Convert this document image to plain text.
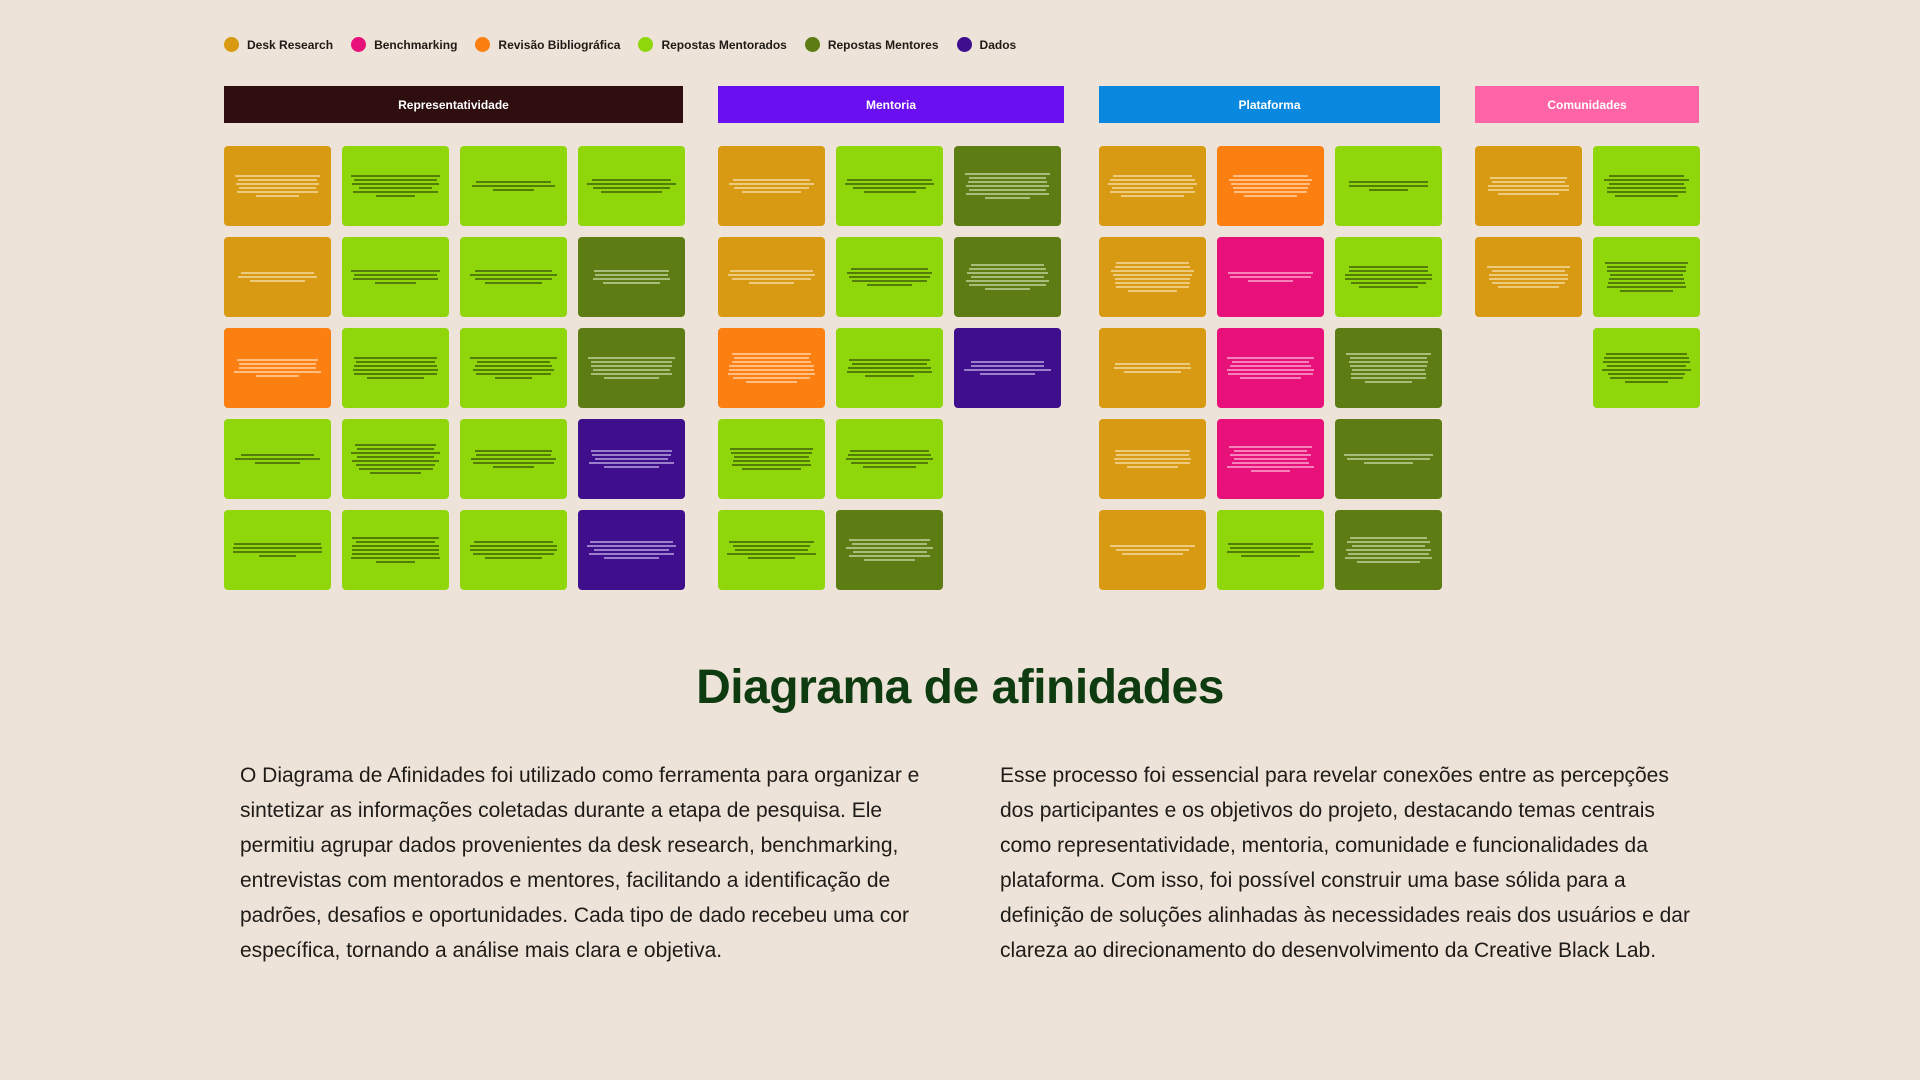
Desk Research	Benchmarking	Revisão Bibliográfica	Repostas Mentorados	Repostas Mentores	Dados
Representatividade	Mentoria	Plataforma	Comunidades
Diagrama de afinidades

O Diagrama de Afinidades foi utilizado como ferramenta para organizar e sintetizar as informações coletadas durante a etapa de pesquisa. Ele permitiu agrupar dados provenientes da desk research, benchmarking, entrevistas com mentorados e mentores, facilitando a identificação de padrões, desafios e oportunidades. Cada tipo de dado recebeu uma cor específica, tornando a análise mais clara e objetiva.

Esse processo foi essencial para revelar conexões entre as percepções dos participantes e os objetivos do projeto, destacando temas centrais como representatividade, mentoria, comunidade e funcionalidades da plataforma. Com isso, foi possível construir uma base sólida para a definição de soluções alinhadas às necessidades reais dos usuários e dar clareza ao direcionamento do desenvolvimento da Creative Black Lab.
